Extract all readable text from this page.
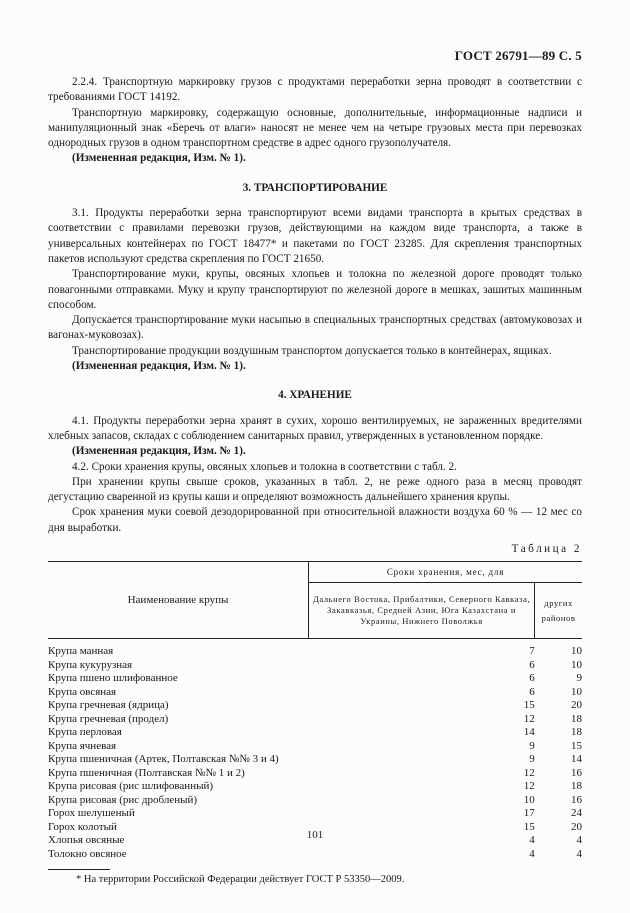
ГОСТ 26791—89 С. 5

2.2.4. Транспортную маркировку грузов с продуктами переработки зерна проводят в соответствии с требованиями ГОСТ 14192.

Транспортную маркировку, содержащую основные, дополнительные, информационные надписи и манипуляционный знак «Беречь от влаги» наносят не менее чем на четыре грузовых места при перевозках однородных грузов в одном транспортном средстве в адрес одного грузополучателя.

(Измененная редакция, Изм. № 1).

3. ТРАНСПОРТИРОВАНИЕ

3.1. Продукты переработки зерна транспортируют всеми видами транспорта в крытых средствах в соответствии с правилами перевозки грузов, действующими на каждом виде транспорта, а также в универсальных контейнерах по ГОСТ 18477* и пакетами по ГОСТ 23285. Для скрепления транспортных пакетов используют средства скрепления по ГОСТ 21650.

Транспортирование муки, крупы, овсяных хлопьев и толокна по железной дороге проводят только повагонными отправками. Муку и крупу транспортируют по железной дороге в мешках, зашитых машинным способом.

Допускается транспортирование муки насыпью в специальных транспортных средствах (автомуковозах и вагонах-муковозах).

Транспортирование продукции воздушным транспортом допускается только в контейнерах, ящиках.

(Измененная редакция, Изм. № 1).

4. ХРАНЕНИЕ

4.1. Продукты переработки зерна хранят в сухих, хорошо вентилируемых, не зараженных вредителями хлебных запасов, складах с соблюдением санитарных правил, утвержденных в установленном порядке.

(Измененная редакция, Изм. № 1).

4.2. Сроки хранения крупы, овсяных хлопьев и толокна в соответствии с табл. 2.

При хранении крупы свыше сроков, указанных в табл. 2, не реже одного раза в месяц проводят дегустацию сваренной из крупы каши и определяют возможность дальнейшего хранения крупы.

Срок хранения муки соевой дезодорированной при относительной влажности воздуха 60 % — 12 мес со дня выработки.

Таблица 2

Наименование крупы	Сроки хранения, мес, для	
	Дальнего Востока, Прибалтики, Северного Кавказа, Закавказья, Средней Азии, Юга Казахстана и Украины, Нижнего Поволжья	других районов
Крупа манная	7	10
Крупа кукурузная	6	10
Крупа пшено шлифованное	6	9
Крупа овсяная	6	10
Крупа гречневая (ядрица)	15	20
Крупа гречневая (продел)	12	18
Крупа перловая	14	18
Крупа ячневая	9	15
Крупа пшеничная (Артек, Полтавская №№ 3 и 4)	9	14
Крупа пшеничная (Полтавская №№ 1 и 2)	12	16
Крупа рисовая (рис шлифованный)	12	18
Крупа рисовая (рис дробленый)	10	16
Горох шелушеный	17	24
Горох колотый	15	20
Хлопья овсяные	4	4
Толокно овсяное	4	4

* На территории Российской Федерации действует ГОСТ Р 53350—2009.

101
